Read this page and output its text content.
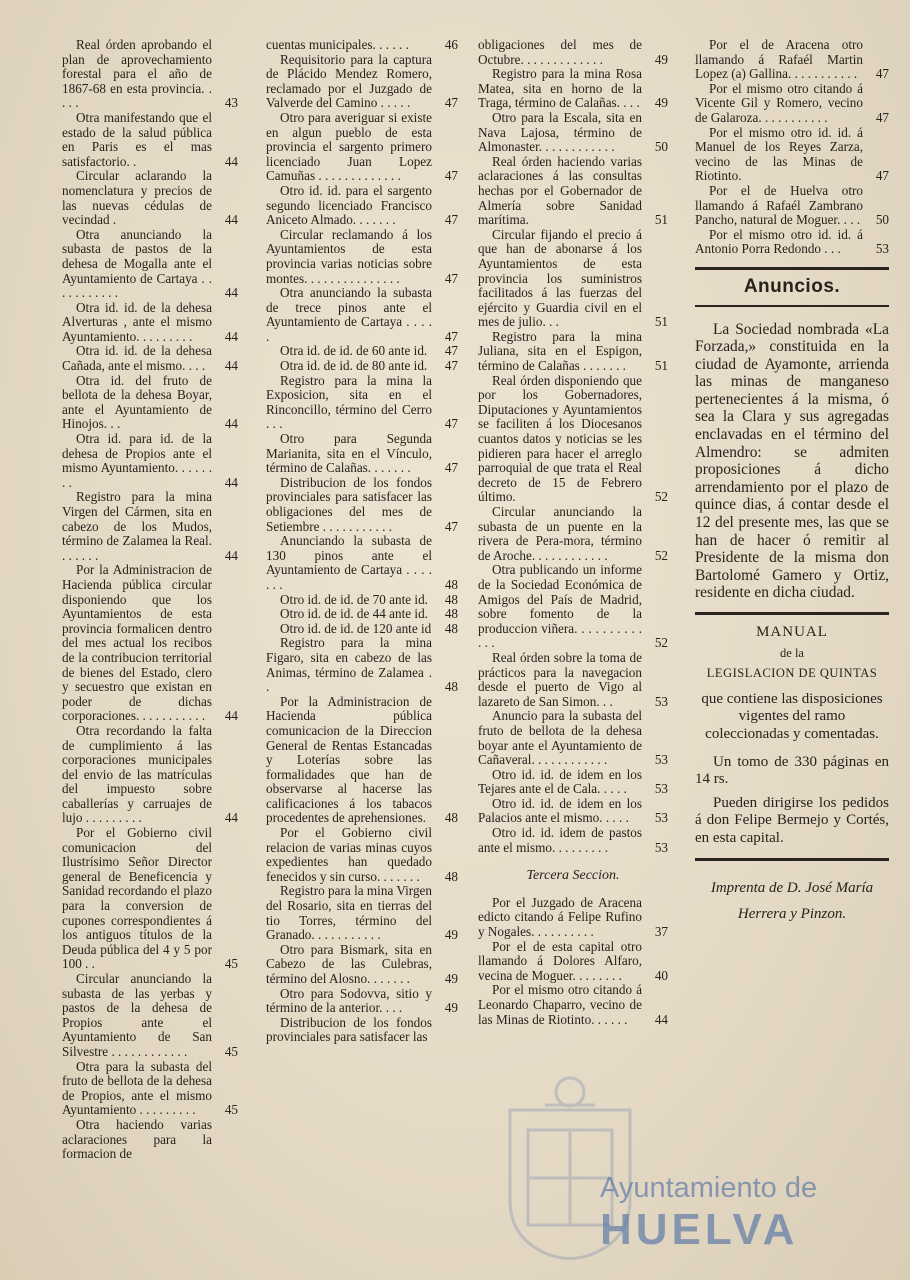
Real órden aprobando el plan de aprovechamiento forestal para el año de 1867-68 en esta provincia. . . . .	43
Otra manifestando que el estado de la salud pública en Paris es el mas satisfactorio. .	44
Circular aclarando la nomenclatura y precios de las nuevas cédulas de vecindad .	44
Otra anunciando la subasta de pastos de la dehesa de Mogalla ante el Ayuntamiento de Cartaya . . . . . . . . . . .	44
Otra id. id. de la dehesa Alverturas , ante el mismo Ayuntamiento. . . . . . . . .	44
Otra id. id. de la dehesa Cañada, ante el mismo. . . .	44
Otra id. del fruto de bellota de la dehesa Boyar, ante el Ayuntamiento de Hinojos. . .	44
Otra id. para id. de la dehesa de Propios ante el mismo Ayuntamiento. . . . . . . .	44
Registro para la mina Virgen del Cármen, sita en cabezo de los Mudos, término de Zalamea la Real. . . . . . .	44
Por la Administracion de Hacienda pública circular disponiendo que los Ayuntamientos de esta provincia formalicen dentro del mes actual los recibos de la contribucion territorial de bienes del Estado, clero y secuestro que existan en poder de dichas corporaciones. . . . . . . . . . .	44
Otra recordando la falta de cumplimiento á las corporaciones municipales del envio de las matrículas del impuesto sobre caballerías y carruajes de lujo . . . . . . . . .	44
Por el Gobierno civil comunicacion del Ilustrísimo Señor Director general de Beneficencia y Sanidad recordando el plazo para la conversion de cupones correspondientes á los antiguos títulos de la Deuda pública del 4 y 5 por 100 . .	45
Circular anunciando la subasta de las yerbas y pastos de la dehesa de Propios ante el Ayuntamiento de San Silvestre . . . . . . . . . . . .	45
Otra para la subasta del fruto de bellota de la dehesa de Propios, ante el mismo Ayuntamiento . . . . . . . . .	45
Otra haciendo varias aclaraciones para la formacion de
cuentas municipales. . . . . .	46
Requisitorio para la captura de Plácido Mendez Romero, reclamado por el Juzgado de Valverde del Camino . . . . .	47
Otro para averiguar si existe en algun pueblo de esta provincia el sargento primero licenciado Juan Lopez Camuñas . . . . . . . . . . . . .	47
Otro id. id. para el sargento segundo licenciado Francisco Aniceto Almado. . . . . . .	47
Circular reclamando á los Ayuntamientos de esta provincia varias noticias sobre montes. . . . . . . . . . . . . . .	47
Otra anunciando la subasta de trece pinos ante el Ayuntamiento de Cartaya . . . . .	47
Otra id. de id. de 60 ante id.	47
Otra id. de id. de 80 ante id.	47
Registro para la mina la Exposicion, sita en el Rinconcillo, término del Cerro . . .	47
Otro para Segunda Marianita, sita en el Vínculo, término de Calañas. . . . . . .	47
Distribucion de los fondos provinciales para satisfacer las obligaciones del mes de Setiembre . . . . . . . . . . .	47
Anunciando la subasta de 130 pinos ante el Ayuntamiento de Cartaya . . . . . . .	48
Otro id. de id. de 70 ante id.	48
Otro id. de id. de 44 ante id.	48
Otro id. de id. de 120 ante id	48
Registro para la mina Figaro, sita en cabezo de las Animas, término de Zalamea . .	48
Por la Administracion de Hacienda pública comunicacion de la Direccion General de Rentas Estancadas y Loterías sobre las formalidades que han de observarse al hacerse las calificaciones á los tabacos procedentes de aprehensiones.	48
Por el Gobierno civil relacion de varias minas cuyos expedientes han quedado fenecidos y sin curso. . . . . . .	48
Registro para la mina Virgen del Rosario, sita en tierras del tio Torres, término del Granado. . . . . . . . . . .	49
Otro para Bismark, sita en Cabezo de las Culebras, término del Alosno. . . . . . .	49
Otro para Sodovva, sitio y término de la anterior. . . .	49
Distribucion de los fondos provinciales para satisfacer las
obligaciones del mes de Octubre. . . . . . . . . . . . .	49
Registro para la mina Rosa Matea, sita en horno de la Traga, término de Calañas. . . .	49
Otro para la Escala, sita en Nava Lajosa, término de Almonaster. . . . . . . . . . . .	50
Real órden haciendo varias aclaraciones á las consultas hechas por el Gobernador de Almería sobre Sanidad marítima.	51
Circular fijando el precio á que han de abonarse á los Ayuntamientos de esta provincia los suministros facilitados á las fuerzas del ejército y Guardia civil en el mes de julio. . .	51
Registro para la mina Juliana, sita en el Espigon, término de Calañas . . . . . . .	51
Real órden disponiendo que por los Gobernadores, Diputaciones y Ayuntamientos se faciliten á los Diocesanos cuantos datos y noticias se les pidieren para hacer el arreglo parroquial de que trata el Real decreto de 15 de Febrero último.	52
Circular anunciando la subasta de un puente en la rivera de Pera-mora, término de Aroche. . . . . . . . . . . .	52
Otra publicando un informe de la Sociedad Económica de Amigos del País de Madrid, sobre fomento de la produccion viñera. . . . . . . . . . . . .	52
Real órden sobre la toma de prácticos para la navegacion desde el puerto de Vigo al lazareto de San Simon. . .	53
Anuncio para la subasta del fruto de bellota de la dehesa boyar ante el Ayuntamiento de Cañaveral. . . . . . . . . . . .	53
Otro id. id. de idem en los Tejares ante el de Cala. . . . .	53
Otro id. id. de idem en los Palacios ante el mismo. . . . .	53
Otro id. id. idem de pastos ante el mismo. . . . . . . . .	53
Tercera Seccion.
Por el Juzgado de Aracena edicto citando á Felipe Rufino y Nogales. . . . . . . . . .	37
Por el de esta capital otro llamando á Dolores Alfaro, vecina de Moguer. . . . . . . .	40
Por el mismo otro citando á Leonardo Chaparro, vecino de las Minas de Riotinto. . . . . .	44
Por el de Aracena otro llamando á Rafaél Martin Lopez (a) Gallina. . . . . . . . . . .	47
Por el mismo otro citando á Vicente Gil y Romero, vecino de Galaroza. . . . . . . . . . .	47
Por el mismo otro id. id. á Manuel de los Reyes Zarza, vecino de las Minas de Riotinto.	47
Por el de Huelva otro llamando á Rafaél Zambrano Pancho, natural de Moguer. . . .	50
Por el mismo otro id. id. á Antonio Porra Redondo . . .	53
Anuncios.
La Sociedad nombrada «La Forzada,» constituida en la ciudad de Ayamonte, arrienda las minas de manganeso pertenecientes á la misma, ó sea la Clara y sus agregadas enclavadas en el término del Almendro: se admiten proposiciones á dicho arrendamiento por el plazo de quince dias, á contar desde el 12 del presente mes, las que se han de hacer ó remitir al Presidente de la misma don Bartolomé Gamero y Ortiz, residente en dicha ciudad.
MANUAL
de la
LEGISLACION DE QUINTAS
que contiene las disposiciones vigentes del ramo coleccionadas y comentadas.
Un tomo de 330 páginas en 14 rs.
Pueden dirigirse los pedidos á don Felipe Bermejo y Cortés, en esta capital.
Imprenta de D. José María
Herrera y Pinzon.
Ayuntamiento de
HUELVA
